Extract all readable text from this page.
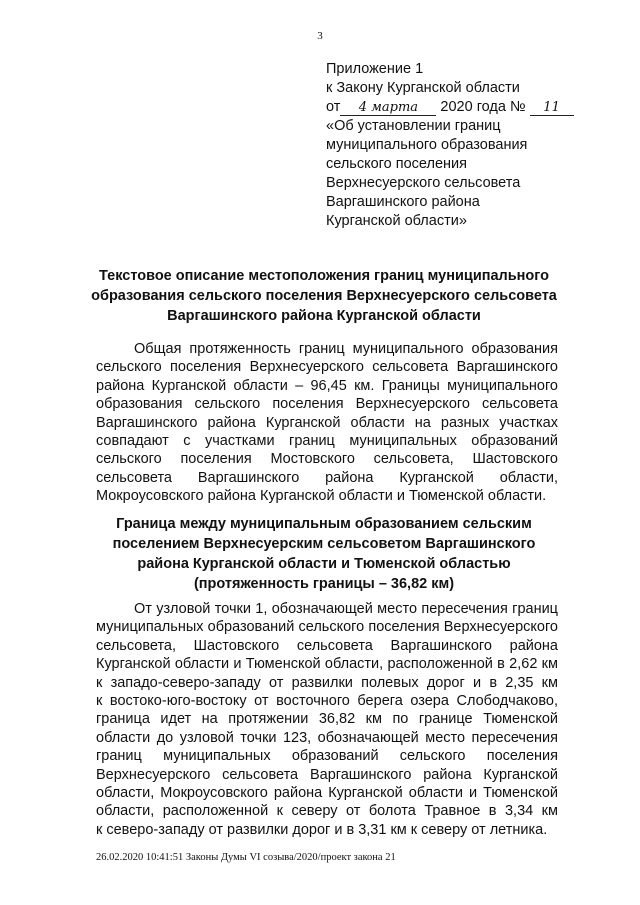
3
Приложение 1
к Закону Курганской области
от 4 марта 2020 года № 11
«Об установлении границ
муниципального образования
сельского поселения
Верхнесуерского сельсовета
Варгашинского района
Курганской области»
Текстовое описание местоположения границ муниципального
образования сельского поселения Верхнесуерского сельсовета
Варгашинского района Курганской области
Общая протяженность границ муниципального образования
сельского поселения Верхнесуерского сельсовета Варгашинского
района Курганской области – 96,45 км. Границы муниципального
образования сельского поселения Верхнесуерского сельсовета
Варгашинского района Курганской области на разных участках
совпадают с участками границ муниципальных образований
сельского поселения Мостовского сельсовета, Шастовского
сельсовета Варгашинского района Курганской области,
Мокроусовского района Курганской области и Тюменской области.
Граница между муниципальным образованием сельским
поселением Верхнесуерским сельсоветом Варгашинского
района Курганской области и Тюменской областью
(протяженность границы – 36,82 км)
От узловой точки 1, обозначающей место пересечения границ
муниципальных образований сельского поселения Верхнесуерского
сельсовета, Шастовского сельсовета Варгашинского района
Курганской области и Тюменской области, расположенной в 2,62 км
к западо-северо-западу от развилки полевых дорог и в 2,35 км
к востоко-юго-востоку от восточного берега озера Слободчаково,
граница идет на протяжении 36,82 км по границе Тюменской
области до узловой точки 123, обозначающей место пересечения
границ муниципальных образований сельского поселения
Верхнесуерского сельсовета Варгашинского района Курганской
области, Мокроусовского района Курганской области и Тюменской
области, расположенной к северу от болота Травное в 3,34 км
к северо-западу от развилки дорог и в 3,31 км к северу от летника.
26.02.2020 10:41:51 Законы Думы VI созыва/2020/проект закона 21
